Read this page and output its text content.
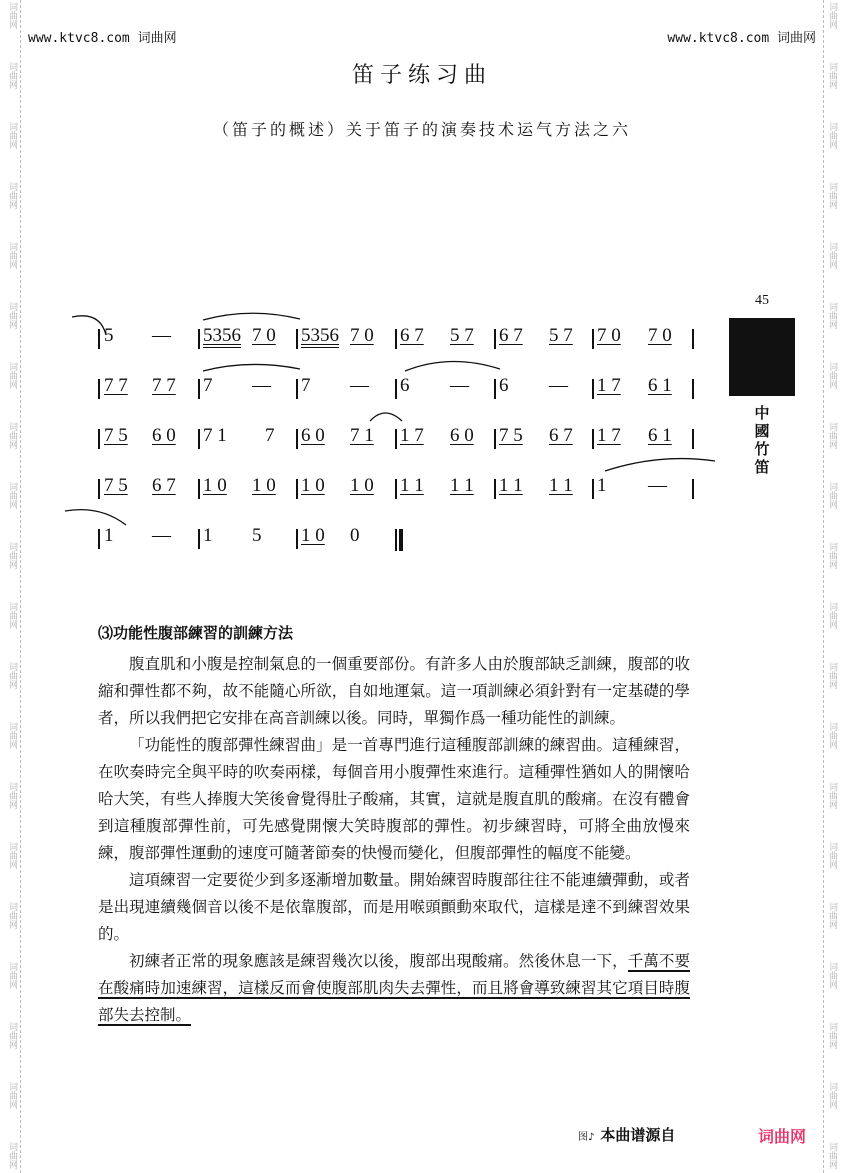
www.ktvc8.com 词曲网	www.ktvc8.com 词曲网
笛子练习曲
（笛子的概述）关于笛子的演奏技术运气方法之六
45
中國竹笛
5 — 5356 7 0 5356 7 0 6 7 5 7 6 7 5 7 7 0 7 0
7 7 7 7 7 — 7 — 6 — 6 — 1 7 6 1
7 5 6 0 7 1 7 6 0 7 1 1 7 6 0 7 5 6 7 1 7 6 1
7 5 6 7 1 0 1 0 1 0 1 0 1 1 1 1 1 1 1 1 1 —
1 — 1 5 1 0 0
⑶功能性腹部練習的訓練方法

腹直肌和小腹是控制氣息的一個重要部份。有許多人由於腹部缺乏訓練，腹部的收縮和彈性都不夠，故不能隨心所欲，自如地運氣。這一項訓練必須針對有一定基礎的學者，所以我們把它安排在高音訓練以後。同時，單獨作爲一種功能性的訓練。

「功能性的腹部彈性練習曲」是一首專門進行這種腹部訓練的練習曲。這種練習，在吹奏時完全與平時的吹奏兩樣，每個音用小腹彈性來進行。這種彈性猶如人的開懷哈哈大笑，有些人捧腹大笑後會覺得肚子酸痛，其實，這就是腹直肌的酸痛。在沒有體會到這種腹部彈性前，可先感覺開懷大笑時腹部的彈性。初步練習時，可將全曲放慢來練，腹部彈性運動的速度可隨著節奏的快慢而變化，但腹部彈性的幅度不能變。

這項練習一定要從少到多逐漸增加數量。開始練習時腹部往往不能連續彈動，或者是出現連續幾個音以後不是依靠腹部，而是用喉頭顫動來取代，這樣是達不到練習效果的。

初練者正常的現象應該是練習幾次以後，腹部出現酸痛。然後休息一下，千萬不要在酸痛時加速練習，這樣反而會使腹部肌肉失去彈性，而且將會導致練習其它項目時腹部失去控制。

图♪ 本曲谱源自	词曲网
词曲网
词曲网
词曲网
词曲网
词曲网
词曲网
词曲网
词曲网
词曲网
词曲网
词曲网
词曲网
词曲网
词曲网
词曲网
词曲网
词曲网
词曲网
词曲网
词曲网
词曲网
词曲网
词曲网
词曲网
词曲网
词曲网
词曲网
词曲网
词曲网
词曲网
词曲网
词曲网
词曲网
词曲网
词曲网
词曲网
词曲网
词曲网
词曲网
词曲网
